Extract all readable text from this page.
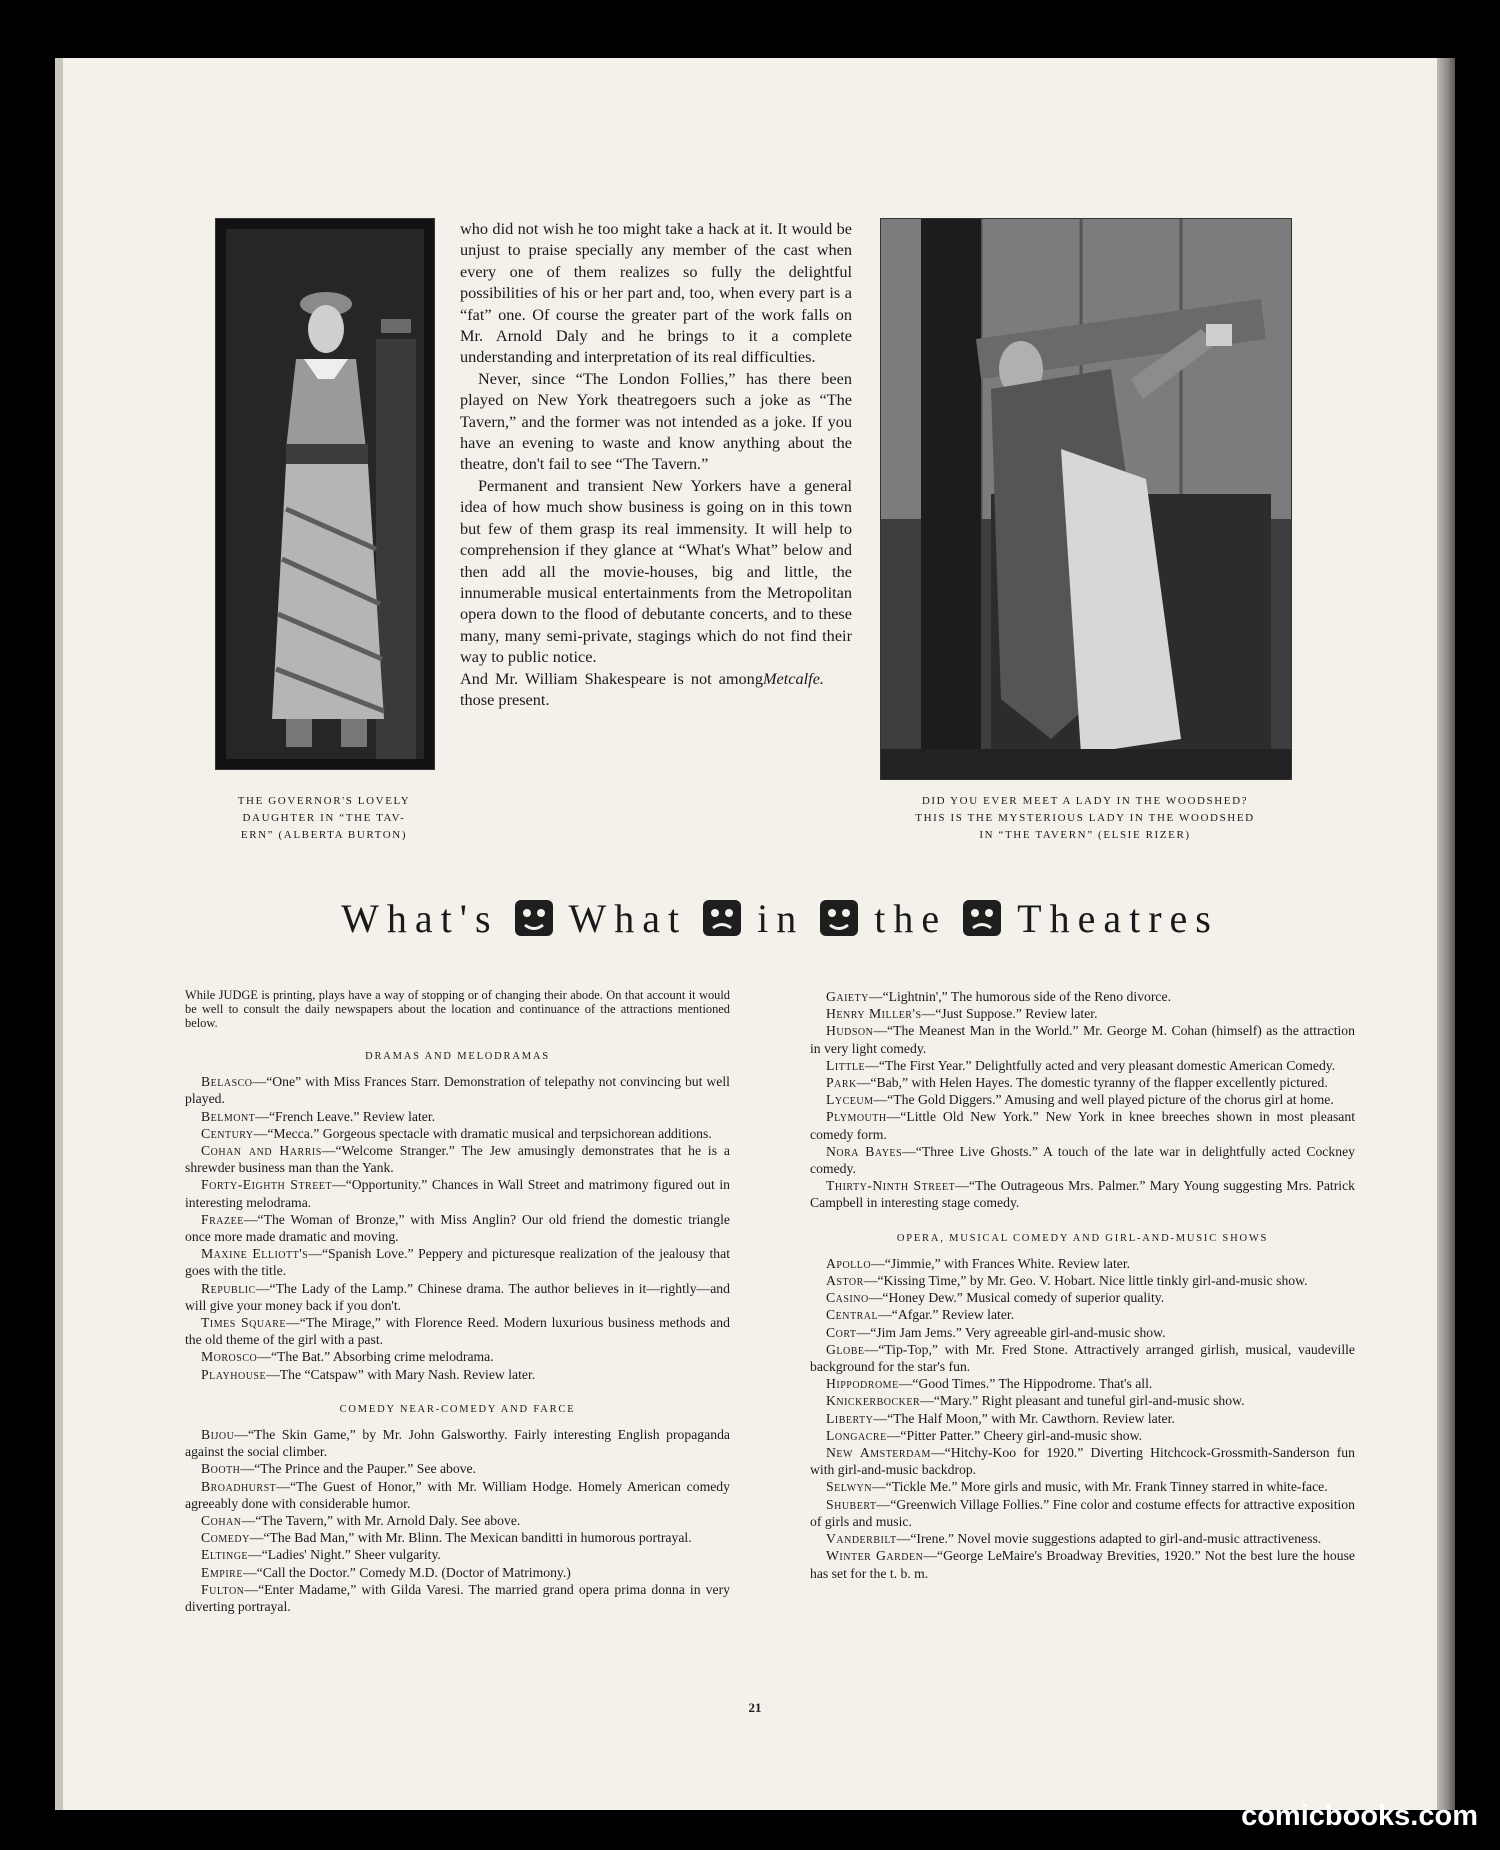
THE GOVERNOR'S LOVELY
DAUGHTER IN “THE TAV-
ERN” (ALBERTA BURTON)

who did not wish he too might take a hack at it. It would be unjust to praise specially any member of the cast when every one of them realizes so fully the delightful possibilities of his or her part and, too, when every part is a “fat” one. Of course the greater part of the work falls on Mr. Arnold Daly and he brings to it a complete understanding and interpretation of its real difficulties.

Never, since “The London Follies,” has there been played on New York theatregoers such a joke as “The Tavern,” and the former was not intended as a joke. If you have an evening to waste and know anything about the theatre, don't fail to see “The Tavern.”

Permanent and transient New Yorkers have a general idea of how much show business is going on in this town but few of them grasp its real immensity. It will help to comprehension if they glance at “What's What” below and then add all the movie-houses, big and little, the innumerable musical entertainments from the Metropolitan opera down to the flood of debutante concerts, and to these many, many semi-private, stagings which do not find their way to public notice.

And Mr. William Shakespeare is not among those present.
Metcalfe.

DID YOU EVER MEET A LADY IN THE WOODSHED?
THIS IS THE MYSTERIOUS LADY IN THE WOODSHED
IN “THE TAVERN” (ELSIE RIZER)
What's What in the Theatres

While JUDGE is printing, plays have a way of stopping or of changing their abode. On that account it would be well to consult the daily newspapers about the location and continuance of the attractions mentioned below.

DRAMAS AND MELODRAMAS

Belasco—“One” with Miss Frances Starr. Demonstration of telepathy not convincing but well played.

Belmont—“French Leave.” Review later.

Century—“Mecca.” Gorgeous spectacle with dramatic musical and terpsichorean additions.

Cohan and Harris—“Welcome Stranger.” The Jew amusingly demonstrates that he is a shrewder business man than the Yank.

Forty-Eighth Street—“Opportunity.” Chances in Wall Street and matrimony figured out in interesting melodrama.

Frazee—“The Woman of Bronze,” with Miss Anglin? Our old friend the domestic triangle once more made dramatic and moving.

Maxine Elliott's—“Spanish Love.” Peppery and picturesque realization of the jealousy that goes with the title.

Republic—“The Lady of the Lamp.” Chinese drama. The author believes in it—rightly—and will give your money back if you don't.

Times Square—“The Mirage,” with Florence Reed. Modern luxurious business methods and the old theme of the girl with a past.

Morosco—“The Bat.” Absorbing crime melodrama.

Playhouse—The “Catspaw” with Mary Nash. Review later.

COMEDY NEAR-COMEDY AND FARCE

Bijou—“The Skin Game,” by Mr. John Galsworthy. Fairly interesting English propaganda against the social climber.

Booth—“The Prince and the Pauper.” See above.

Broadhurst—“The Guest of Honor,” with Mr. William Hodge. Homely American comedy agreeably done with considerable humor.

Cohan—“The Tavern,” with Mr. Arnold Daly. See above.

Comedy—“The Bad Man,” with Mr. Blinn. The Mexican banditti in humorous portrayal.

Eltinge—“Ladies' Night.” Sheer vulgarity.

Empire—“Call the Doctor.” Comedy M.D. (Doctor of Matrimony.)

Fulton—“Enter Madame,” with Gilda Varesi. The married grand opera prima donna in very diverting portrayal.

Gaiety—“Lightnin',” The humorous side of the Reno divorce.

Henry Miller's—“Just Suppose.” Review later.

Hudson—“The Meanest Man in the World.” Mr. George M. Cohan (himself) as the attraction in very light comedy.

Little—“The First Year.” Delightfully acted and very pleasant domestic American Comedy.

Park—“Bab,” with Helen Hayes. The domestic tyranny of the flapper excellently pictured.

Lyceum—“The Gold Diggers.” Amusing and well played picture of the chorus girl at home.

Plymouth—“Little Old New York.” New York in knee breeches shown in most pleasant comedy form.

Nora Bayes—“Three Live Ghosts.” A touch of the late war in delightfully acted Cockney comedy.

Thirty-Ninth Street—“The Outrageous Mrs. Palmer.” Mary Young suggesting Mrs. Patrick Campbell in interesting stage comedy.

OPERA, MUSICAL COMEDY AND GIRL-AND-MUSIC SHOWS

Apollo—“Jimmie,” with Frances White. Review later.

Astor—“Kissing Time,” by Mr. Geo. V. Hobart. Nice little tinkly girl-and-music show.

Casino—“Honey Dew.” Musical comedy of superior quality.

Central—“Afgar.” Review later.

Cort—“Jim Jam Jems.” Very agreeable girl-and-music show.

Globe—“Tip-Top,” with Mr. Fred Stone. Attractively arranged girlish, musical, vaudeville background for the star's fun.

Hippodrome—“Good Times.” The Hippodrome. That's all.

Knickerbocker—“Mary.” Right pleasant and tuneful girl-and-music show.

Liberty—“The Half Moon,” with Mr. Cawthorn. Review later.

Longacre—“Pitter Patter.” Cheery girl-and-music show.

New Amsterdam—“Hitchy-Koo for 1920.” Diverting Hitchcock-Grossmith-Sanderson fun with girl-and-music backdrop.

Selwyn—“Tickle Me.” More girls and music, with Mr. Frank Tinney starred in white-face.

Shubert—“Greenwich Village Follies.” Fine color and costume effects for attractive exposition of girls and music.

Vanderbilt—“Irene.” Novel movie suggestions adapted to girl-and-music attractiveness.

Winter Garden—“George LeMaire's Broadway Brevities, 1920.” Not the best lure the house has set for the t. b. m.

21
comicbooks.com
